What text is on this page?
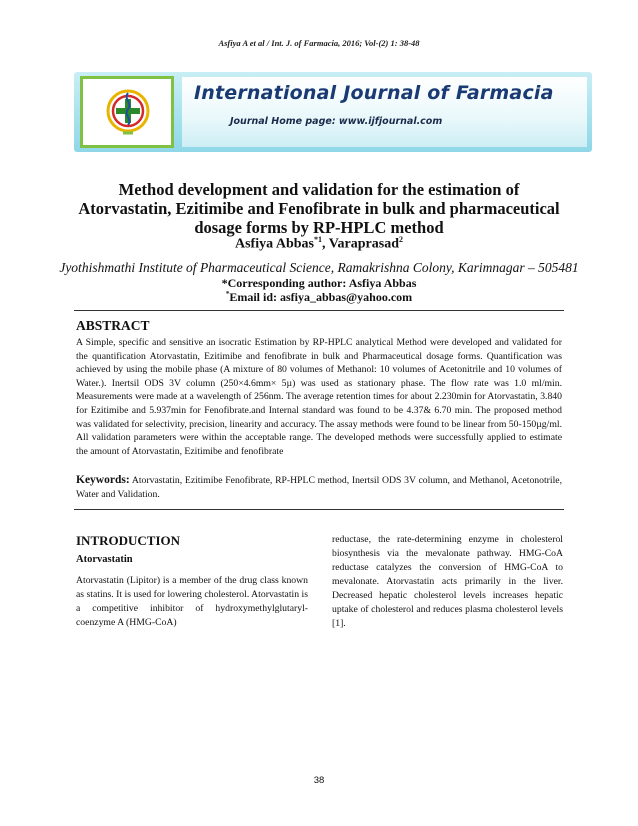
Asfiya A et al / Int. J. of Farmacia, 2016; Vol-(2) 1: 38-48
International Journal of Farmacia
Journal Home page: www.ijfjournal.com
Method development and validation for the estimation of Atorvastatin, Ezitimibe and Fenofibrate in bulk and pharmaceutical dosage forms by RP-HPLC method
Asfiya Abbas$^{*1}$, Varaprasad$^2$
Jyothishmathi Institute of Pharmaceutical Science, Ramakrishna Colony, Karimnagar – 505481
*Corresponding author: Asfiya Abbas
*Email id: asfiya_abbas@yahoo.com
ABSTRACT
A Simple, specific and sensitive an isocratic Estimation by RP-HPLC analytical Method were developed and validated for the quantification Atorvastatin, Ezitimibe and fenofibrate in bulk and Pharmaceutical dosage forms. Quantification was achieved by using the mobile phase (A mixture of 80 volumes of Methanol: 10 volumes of Acetonitrile and 10 volumes of Water.). Inertsil ODS 3V column (250×4.6mm× 5µ) was used as stationary phase. The flow rate was 1.0 ml/min. Measurements were made at a wavelength of 256nm. The average retention times for about 2.230min for Atorvastatin, 3.840 for Ezitimibe and 5.937min for Fenofibrate.and Internal standard was found to be 4.37& 6.70 min. The proposed method was validated for selectivity, precision, linearity and accuracy. The assay methods were found to be linear from 50-150µg/ml. All validation parameters were within the acceptable range. The developed methods were successfully applied to estimate the amount of Atorvastatin, Ezitimibe and fenofibrate
Keywords: Atorvastatin, Ezitimibe Fenofibrate, RP-HPLC method, Inertsil ODS 3V column, and Methanol, Acetonotrile, Water and Validation.
INTRODUCTION
Atorvastatin
Atorvastatin (Lipitor) is a member of the drug class known as statins. It is used for lowering cholesterol. Atorvastatin is a competitive inhibitor of hydroxymethylglutaryl-coenzyme A (HMG-CoA)
reductase, the rate-determining enzyme in cholesterol biosynthesis via the mevalonate pathway. HMG-CoA reductase catalyzes the conversion of HMG-CoA to mevalonate. Atorvastatin acts primarily in the liver. Decreased hepatic cholesterol levels increases hepatic uptake of cholesterol and reduces plasma cholesterol levels [1].
38
